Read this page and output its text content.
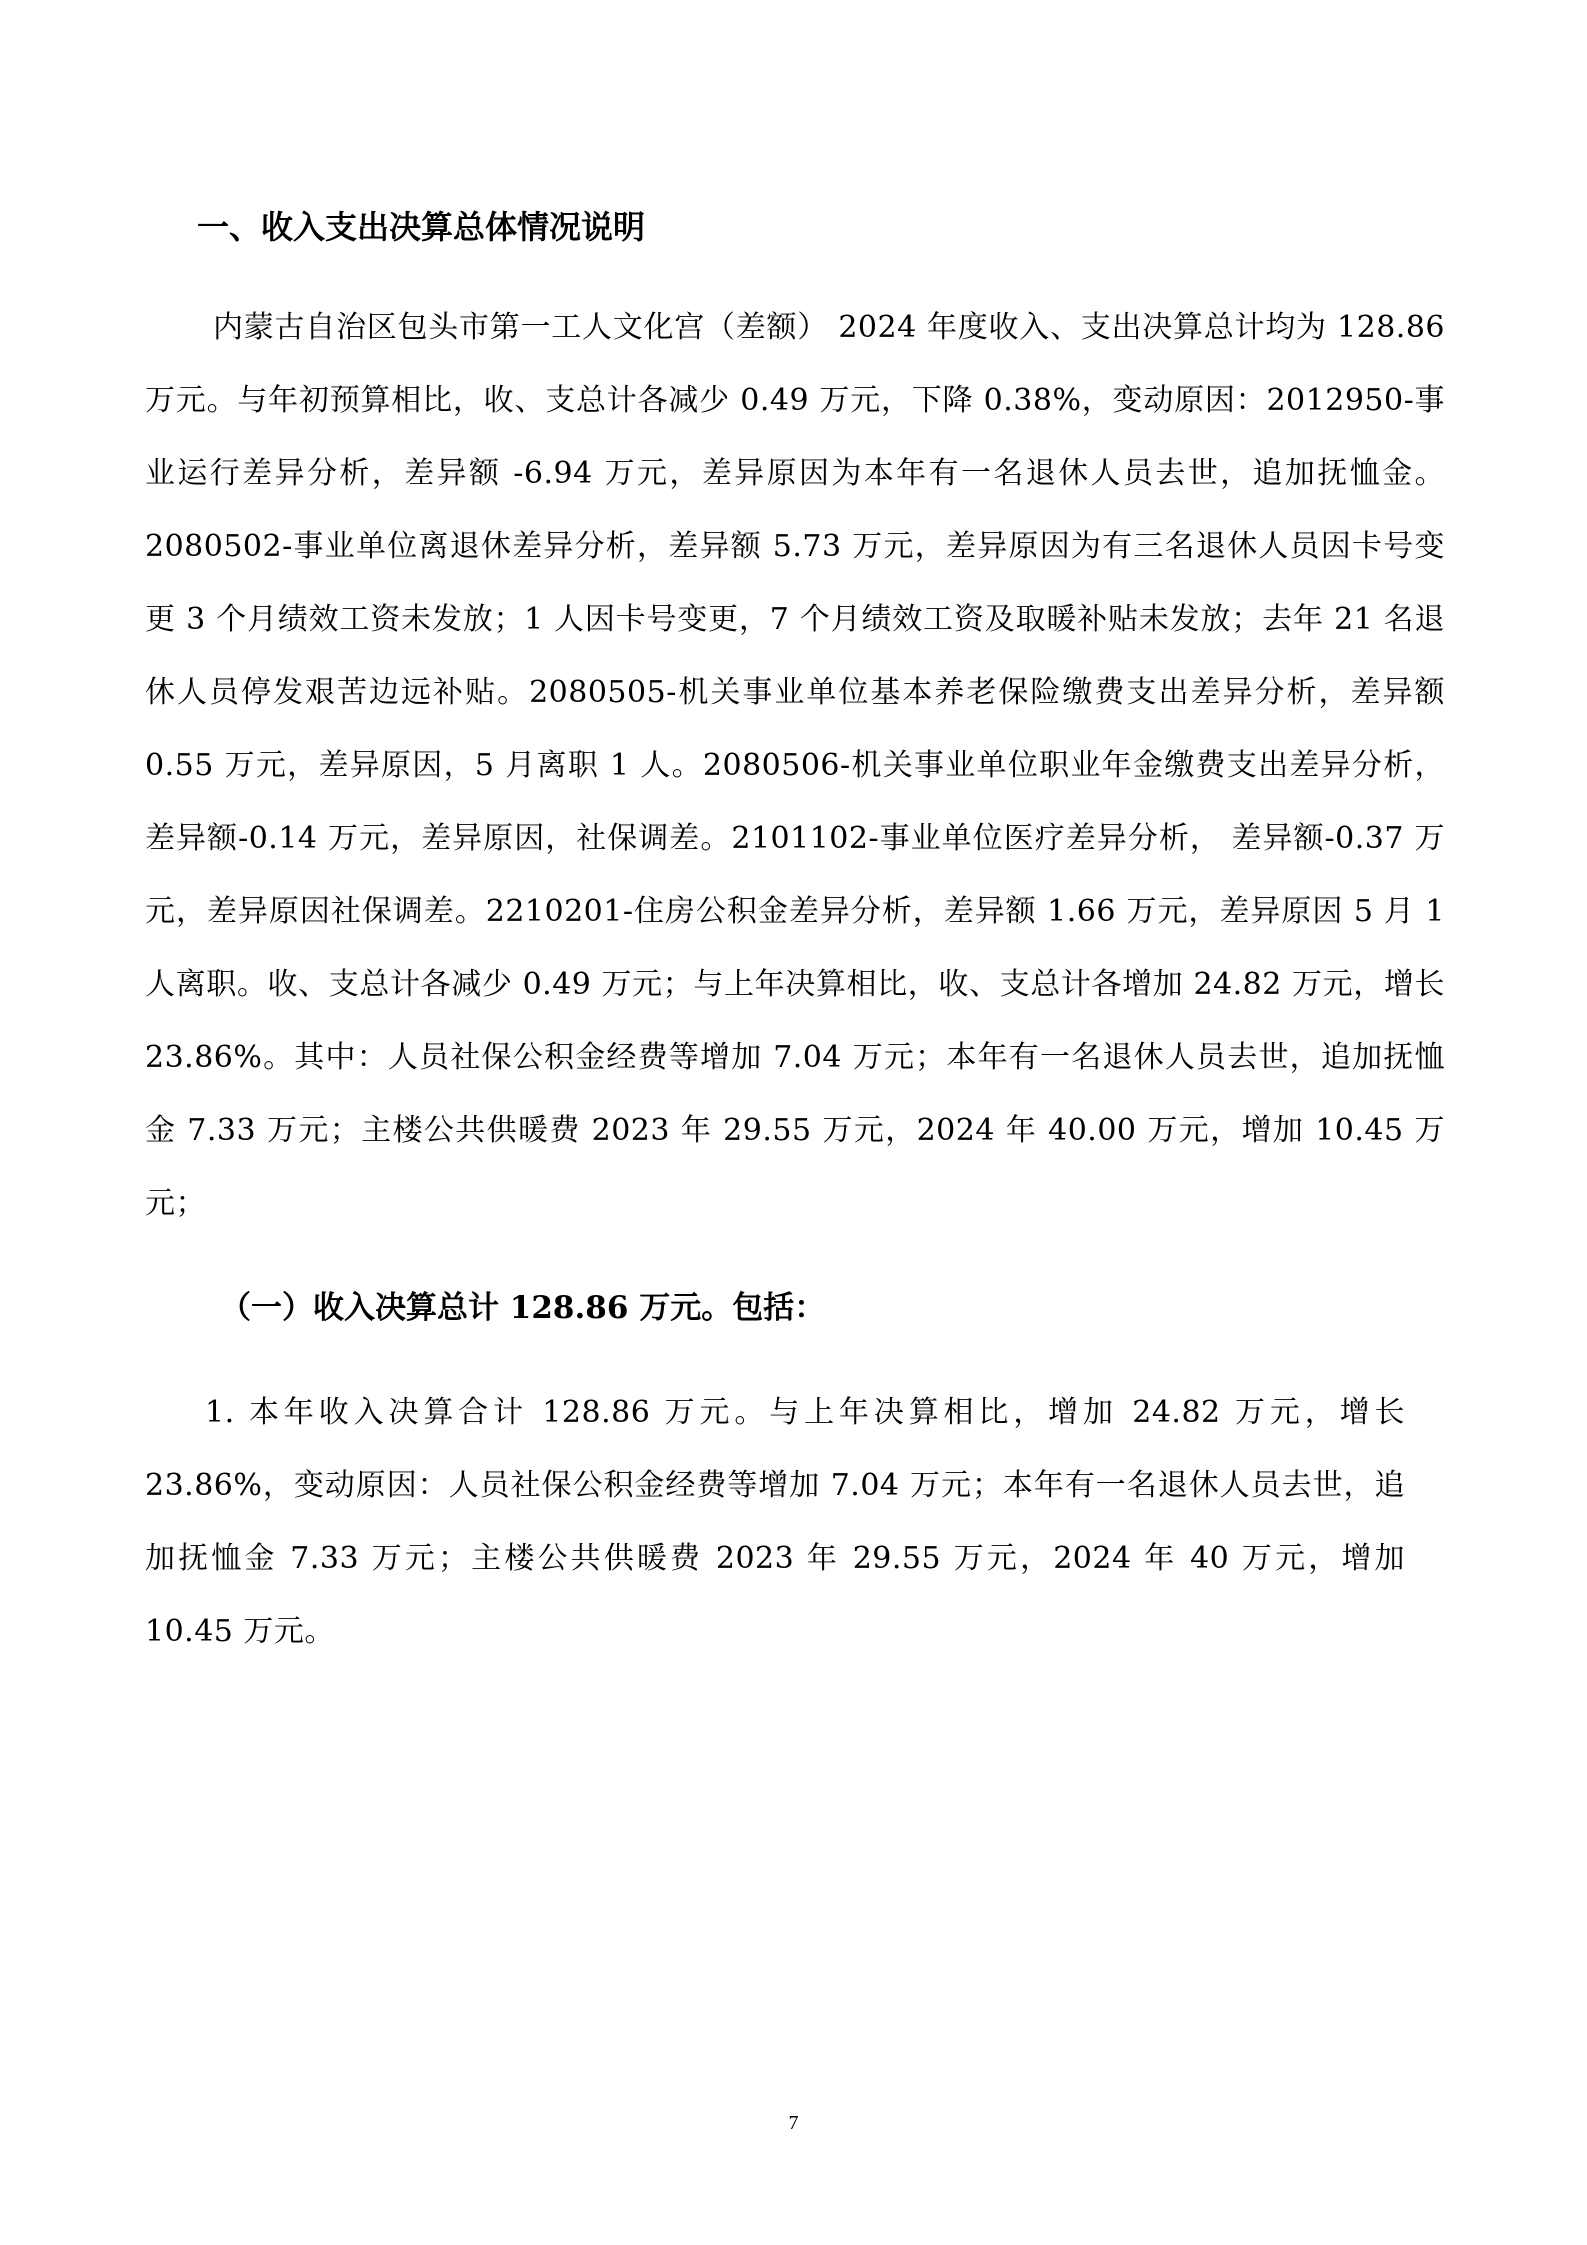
一、收入支出决算总体情况说明

内蒙古自治区包头市第一工人文化宫（差额） 2024 年度收入、支出决算总计均为 128.86 万元。与年初预算相比，收、支总计各减少 0.49 万元，下降 0.38%，变动原因：2012950-事业运行差异分析，差异额 -6.94 万元，差异原因为本年有一名退休人员去世，追加抚恤金。2080502-事业单位离退休差异分析，差异额 5.73 万元，差异原因为有三名退休人员因卡号变更 3 个月绩效工资未发放；1 人因卡号变更，7 个月绩效工资及取暖补贴未发放；去年 21 名退休人员停发艰苦边远补贴。2080505-机关事业单位基本养老保险缴费支出差异分析，差异额 0.55 万元，差异原因，5 月离职 1 人。2080506-机关事业单位职业年金缴费支出差异分析，差异额-0.14 万元，差异原因，社保调差。2101102-事业单位医疗差异分析， 差异额-0.37 万元，差异原因社保调差。2210201-住房公积金差异分析，差异额 1.66 万元，差异原因 5 月 1 人离职。收、支总计各减少 0.49 万元；与上年决算相比，收、支总计各增加 24.82 万元，增长 23.86%。其中：人员社保公积金经费等增加 7.04 万元；本年有一名退休人员去世，追加抚恤金 7.33 万元；主楼公共供暖费 2023 年 29.55 万元，2024 年 40.00 万元，增加 10.45 万元；

（一）收入决算总计 128.86 万元。包括：

1. 本年收入决算合计 128.86 万元。与上年决算相比，增加 24.82 万元，增长 23.86%，变动原因：人员社保公积金经费等增加 7.04 万元；本年有一名退休人员去世，追加抚恤金 7.33 万元；主楼公共供暖费 2023 年 29.55 万元，2024 年 40 万元，增加 10.45 万元。

7
